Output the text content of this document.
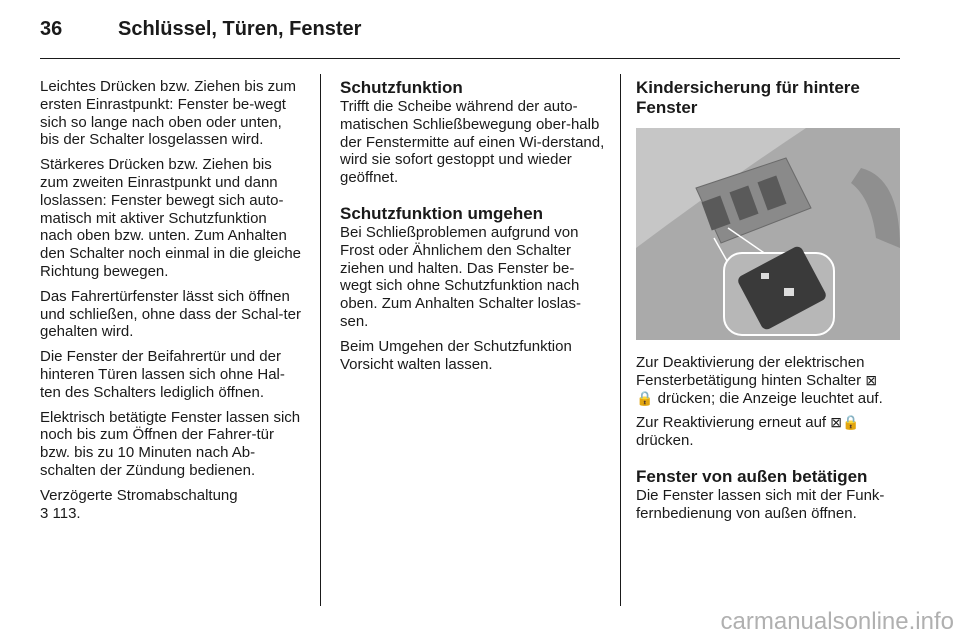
36	Schlüssel, Türen, Fenster

Leichtes Drücken bzw. Ziehen bis zum ersten Einrastpunkt: Fenster be-wegt sich so lange nach oben oder unten, bis der Schalter losgelassen wird.

Stärkeres Drücken bzw. Ziehen bis zum zweiten Einrastpunkt und dann loslassen: Fenster bewegt sich auto-matisch mit aktiver Schutzfunktion nach oben bzw. unten. Zum Anhalten den Schalter noch einmal in die gleiche Richtung bewegen.

Das Fahrertürfenster lässt sich öffnen und schließen, ohne dass der Schal-ter gehalten wird.

Die Fenster der Beifahrertür und der hinteren Türen lassen sich ohne Hal-ten des Schalters lediglich öffnen.

Elektrisch betätigte Fenster lassen sich noch bis zum Öffnen der Fahrer-tür bzw. bis zu 10 Minuten nach Ab-schalten der Zündung bedienen.

Verzögerte Stromabschaltung
3 113.

Schutzfunktion

Trifft die Scheibe während der auto-matischen Schließbewegung ober-halb der Fenstermitte auf einen Wi-derstand, wird sie sofort gestoppt und wieder geöffnet.

Schutzfunktion umgehen

Bei Schließproblemen aufgrund von Frost oder Ähnlichem den Schalter ziehen und halten. Das Fenster be-wegt sich ohne Schutzfunktion nach oben. Zum Anhalten Schalter loslas-sen.

Beim Umgehen der Schutzfunktion Vorsicht walten lassen.

Kindersicherung für hintere Fenster

Zur Deaktivierung der elektrischen Fensterbetätigung hinten Schalter ⊠
🔒 drücken; die Anzeige leuchtet auf.

Zur Reaktivierung erneut auf ⊠🔒
drücken.

Fenster von außen betätigen

Die Fenster lassen sich mit der Funk-fernbedienung von außen öffnen.

carmanualsonline.info
